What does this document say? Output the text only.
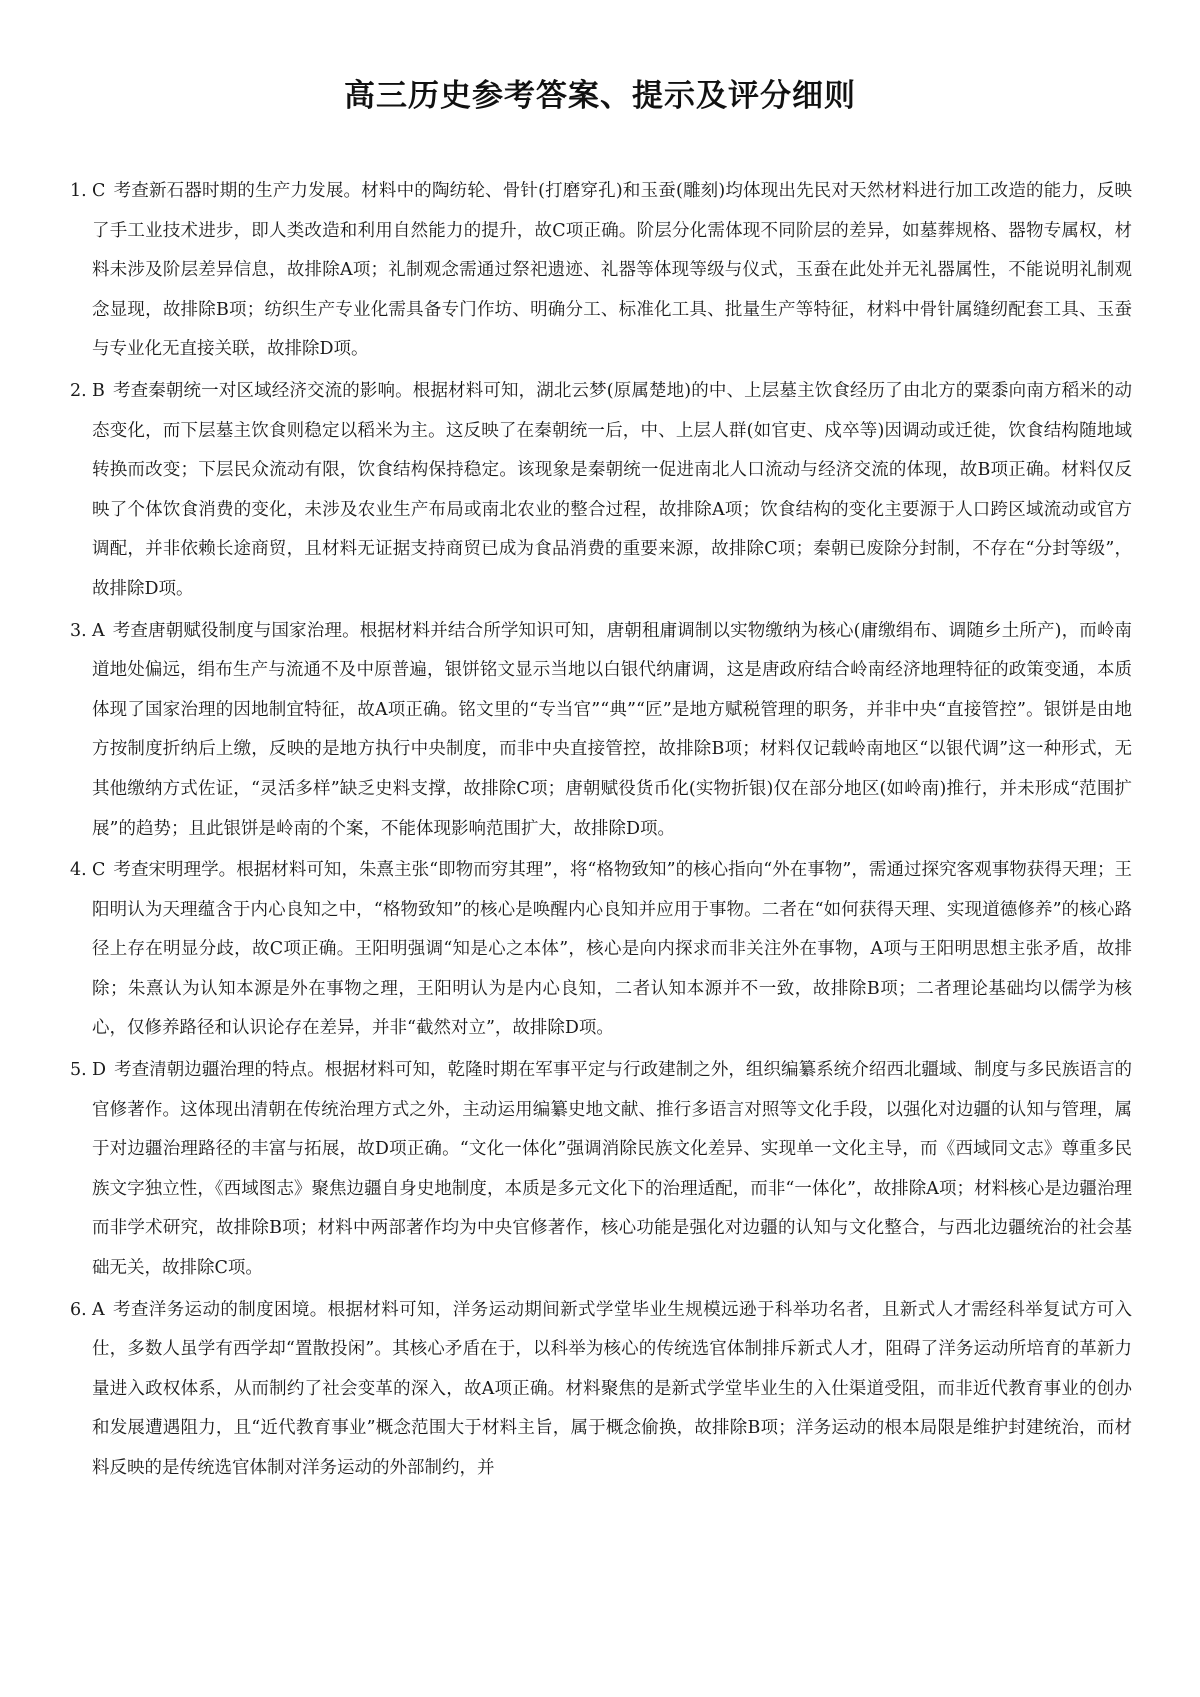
高三历史参考答案、提示及评分细则
1. C 考查新石器时期的生产力发展。材料中的陶纺轮、骨针(打磨穿孔)和玉蚕(雕刻)均体现出先民对天然材料进行加工改造的能力，反映了手工业技术进步，即人类改造和利用自然能力的提升，故C项正确。阶层分化需体现不同阶层的差异，如墓葬规格、器物专属权，材料未涉及阶层差异信息，故排除A项；礼制观念需通过祭祀遗迹、礼器等体现等级与仪式，玉蚕在此处并无礼器属性，不能说明礼制观念显现，故排除B项；纺织生产专业化需具备专门作坊、明确分工、标准化工具、批量生产等特征，材料中骨针属缝纫配套工具、玉蚕与专业化无直接关联，故排除D项。
2. B 考查秦朝统一对区域经济交流的影响。根据材料可知，湖北云梦(原属楚地)的中、上层墓主饮食经历了由北方的粟黍向南方稻米的动态变化，而下层墓主饮食则稳定以稻米为主。这反映了在秦朝统一后，中、上层人群(如官吏、戍卒等)因调动或迁徙，饮食结构随地域转换而改变；下层民众流动有限，饮食结构保持稳定。该现象是秦朝统一促进南北人口流动与经济交流的体现，故B项正确。材料仅反映了个体饮食消费的变化，未涉及农业生产布局或南北农业的整合过程，故排除A项；饮食结构的变化主要源于人口跨区域流动或官方调配，并非依赖长途商贸，且材料无证据支持商贸已成为食品消费的重要来源，故排除C项；秦朝已废除分封制，不存在“分封等级”，故排除D项。
3. A 考查唐朝赋役制度与国家治理。根据材料并结合所学知识可知，唐朝租庸调制以实物缴纳为核心(庸缴绢布、调随乡土所产)，而岭南道地处偏远，绢布生产与流通不及中原普遍，银饼铭文显示当地以白银代纳庸调，这是唐政府结合岭南经济地理特征的政策变通，本质体现了国家治理的因地制宜特征，故A项正确。铭文里的“专当官”“典”“匠”是地方赋税管理的职务，并非中央“直接管控”。银饼是由地方按制度折纳后上缴，反映的是地方执行中央制度，而非中央直接管控，故排除B项；材料仅记载岭南地区“以银代调”这一种形式，无其他缴纳方式佐证，“灵活多样”缺乏史料支撑，故排除C项；唐朝赋役货币化(实物折银)仅在部分地区(如岭南)推行，并未形成“范围扩展”的趋势；且此银饼是岭南的个案，不能体现影响范围扩大，故排除D项。
4. C 考查宋明理学。根据材料可知，朱熹主张“即物而穷其理”，将“格物致知”的核心指向“外在事物”，需通过探究客观事物获得天理；王阳明认为天理蕴含于内心良知之中，“格物致知”的核心是唤醒内心良知并应用于事物。二者在“如何获得天理、实现道德修养”的核心路径上存在明显分歧，故C项正确。王阳明强调“知是心之本体”，核心是向内探求而非关注外在事物，A项与王阳明思想主张矛盾，故排除；朱熹认为认知本源是外在事物之理，王阳明认为是内心良知，二者认知本源并不一致，故排除B项；二者理论基础均以儒学为核心，仅修养路径和认识论存在差异，并非“截然对立”，故排除D项。
5. D 考查清朝边疆治理的特点。根据材料可知，乾隆时期在军事平定与行政建制之外，组织编纂系统介绍西北疆域、制度与多民族语言的官修著作。这体现出清朝在传统治理方式之外，主动运用编纂史地文献、推行多语言对照等文化手段，以强化对边疆的认知与管理，属于对边疆治理路径的丰富与拓展，故D项正确。“文化一体化”强调消除民族文化差异、实现单一文化主导，而《西域同文志》尊重多民族文字独立性，《西域图志》聚焦边疆自身史地制度，本质是多元文化下的治理适配，而非“一体化”，故排除A项；材料核心是边疆治理而非学术研究，故排除B项；材料中两部著作均为中央官修著作，核心功能是强化对边疆的认知与文化整合，与西北边疆统治的社会基础无关，故排除C项。
6. A 考查洋务运动的制度困境。根据材料可知，洋务运动期间新式学堂毕业生规模远逊于科举功名者，且新式人才需经科举复试方可入仕，多数人虽学有西学却“置散投闲”。其核心矛盾在于，以科举为核心的传统选官体制排斥新式人才，阻碍了洋务运动所培育的革新力量进入政权体系，从而制约了社会变革的深入，故A项正确。材料聚焦的是新式学堂毕业生的入仕渠道受阻，而非近代教育事业的创办和发展遭遇阻力，且“近代教育事业”概念范围大于材料主旨，属于概念偷换，故排除B项；洋务运动的根本局限是维护封建统治，而材料反映的是传统选官体制对洋务运动的外部制约，并
